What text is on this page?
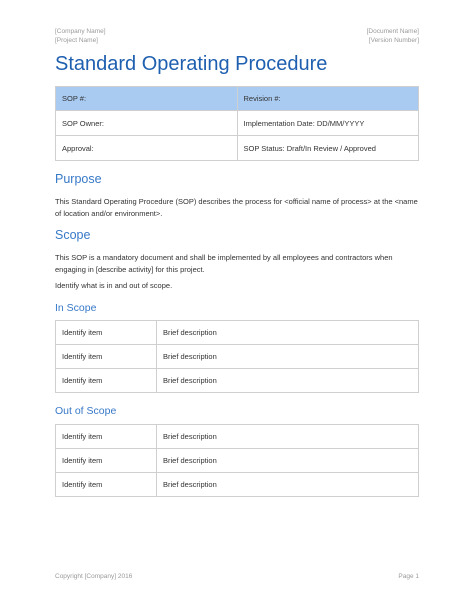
[Company Name]
[Project Name]
[Document Name]
[Version Number]
Standard Operating Procedure
SOP #:	Revision #:
SOP Owner:	Implementation Date: DD/MM/YYYY
Approval:	SOP Status: Draft/In Review / Approved
Purpose

This Standard Operating Procedure (SOP) describes the process for <official name of process> at the <name of location and/or environment>.

Scope

This SOP is a mandatory document and shall be implemented by all employees and contractors when engaging in [describe activity] for this project.

Identify what is in and out of scope.

In Scope
Identify item	Brief description
Identify item	Brief description
Identify item	Brief description
Out of Scope
Identify item	Brief description
Identify item	Brief description
Identify item	Brief description
Copyright [Company] 2016	Page 1
